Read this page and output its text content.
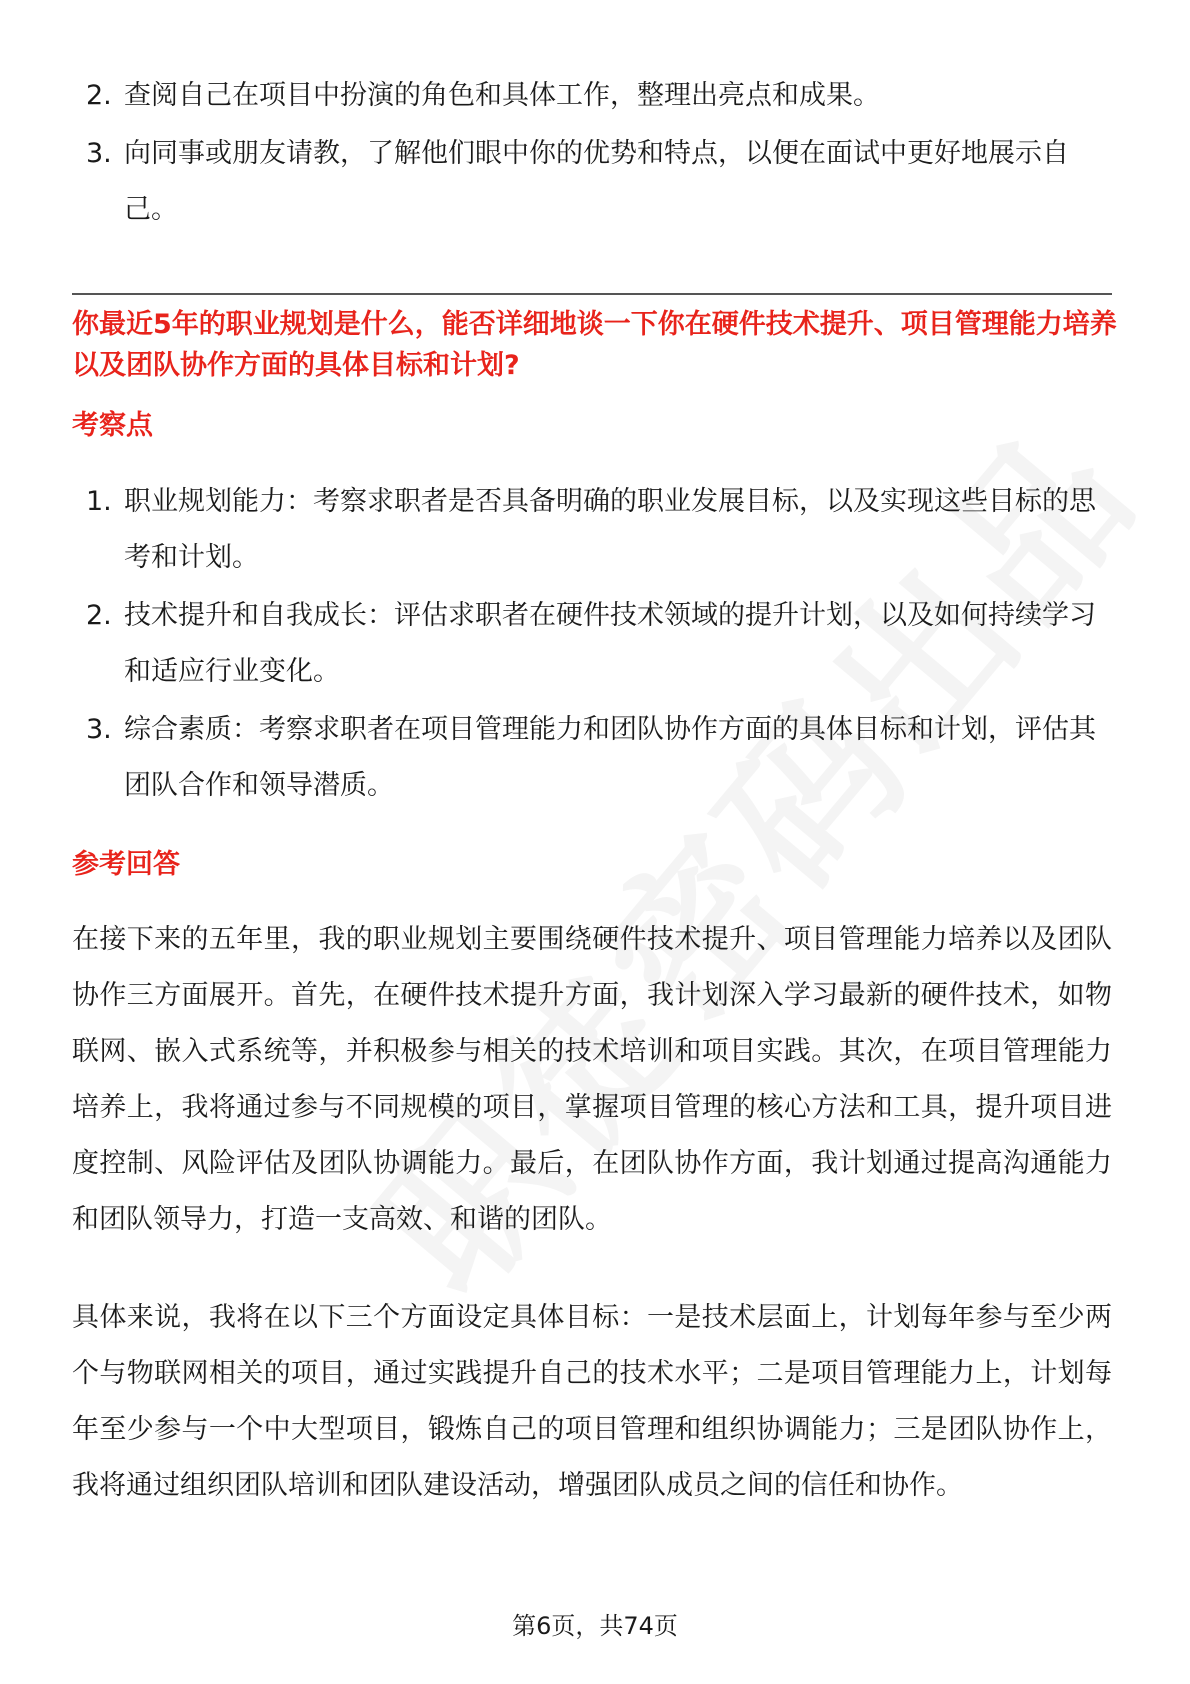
2. 查阅自己在项目中扮演的角色和具体工作，整理出亮点和成果。
3. 向同事或朋友请教，了解他们眼中你的优势和特点，以便在面试中更好地展示自己。
你最近5年的职业规划是什么，能否详细地谈一下你在硬件技术提升、项目管理能力培养以及团队协作方面的具体目标和计划?
考察点
1. 职业规划能力：考察求职者是否具备明确的职业发展目标，以及实现这些目标的思考和计划。
2. 技术提升和自我成长：评估求职者在硬件技术领域的提升计划，以及如何持续学习和适应行业变化。
3. 综合素质：考察求职者在项目管理能力和团队协作方面的具体目标和计划，评估其团队合作和领导潜质。
参考回答

在接下来的五年里，我的职业规划主要围绕硬件技术提升、项目管理能力培养以及团队协作三方面展开。首先，在硬件技术提升方面，我计划深入学习最新的硬件技术，如物联网、嵌入式系统等，并积极参与相关的技术培训和项目实践。其次，在项目管理能力培养上，我将通过参与不同规模的项目，掌握项目管理的核心方法和工具，提升项目进度控制、风险评估及团队协调能力。最后，在团队协作方面，我计划通过提高沟通能力和团队领导力，打造一支高效、和谐的团队。

具体来说，我将在以下三个方面设定具体目标：一是技术层面上，计划每年参与至少两个与物联网相关的项目，通过实践提升自己的技术水平；二是项目管理能力上，计划每年至少参与一个中大型项目，锻炼自己的项目管理和组织协调能力；三是团队协作上，我将通过组织团队培训和团队建设活动，增强团队成员之间的信任和协作。

第6页，共74页
